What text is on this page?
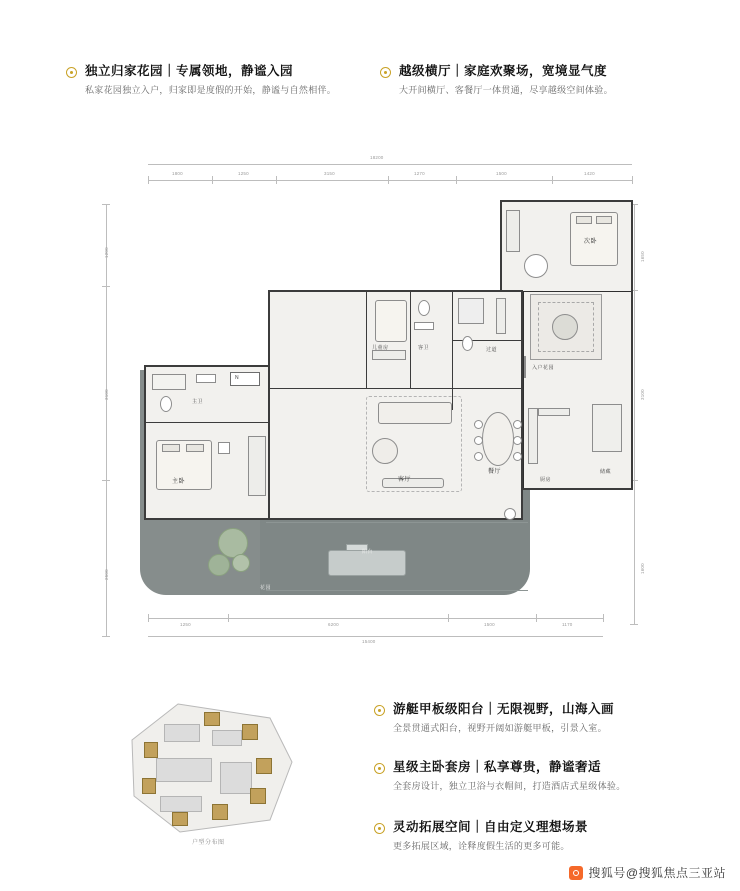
独立归家花园｜专属领地，静谧入园
私家花园独立入户，归家即是度假的开始，静谧与自然相伴。
越级横厅｜家庭欢聚场，宽境显气度
大开间横厅、客餐厅一体贯通，尽享越级空间体验。
18200
1800	1250	3150	1270	1500	1420
1200
3100
2500
1650
3100
1600
1250	6200	1500	1170
15400
N
次卧
儿童房	客卫	过道
入户花园
主卫
主卧	客厅
餐厅
厨房
储藏
阳台
花园
户型分布图
游艇甲板级阳台｜无限视野，山海入画
全景贯通式阳台，视野开阔如游艇甲板，引景入室。
星级主卧套房｜私享尊贵，静谧奢适
全套房设计，独立卫浴与衣帽间，打造酒店式星级体验。
灵动拓展空间｜自由定义理想场景
更多拓展区域，诠释度假生活的更多可能。
搜狐号@搜狐焦点三亚站
